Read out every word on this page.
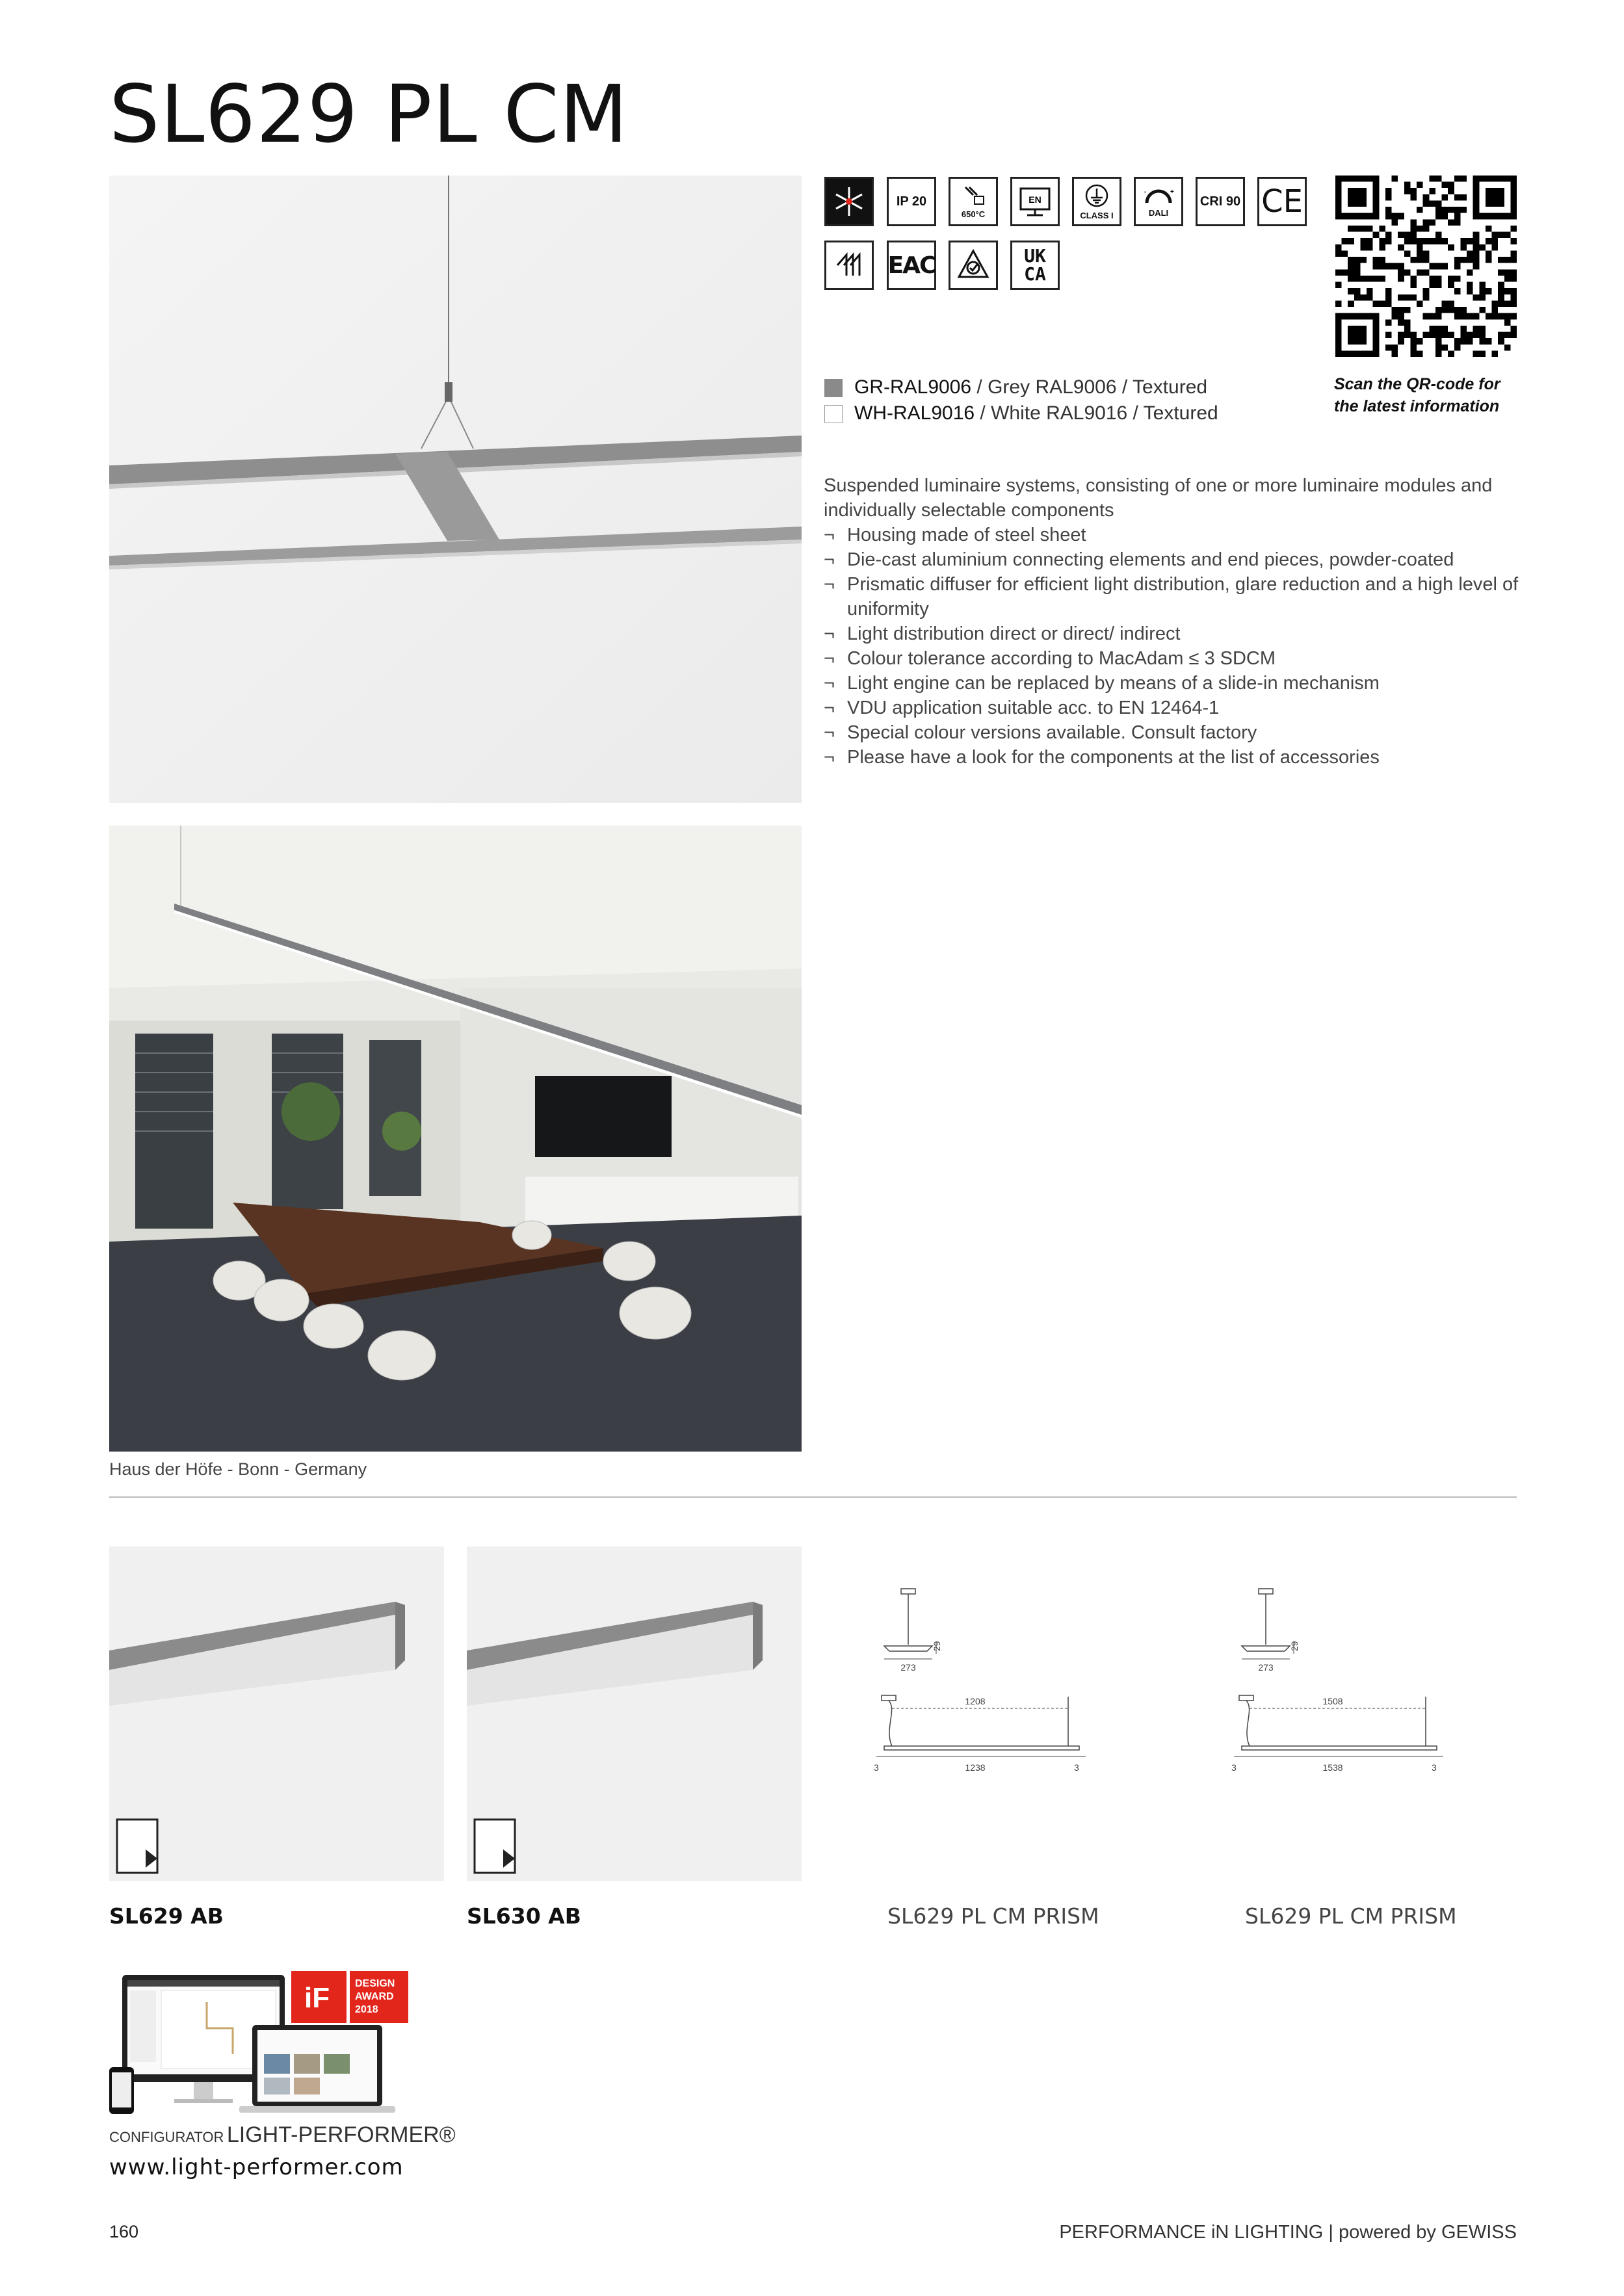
SL629 PL CM
IP 20
650°C
EN
CLASS I
-	+
DALI
CRI 90 CE
EAC	UK
CA
Scan the QR-code for
the latest information
GR-RAL9006 / Grey RAL9006 / Textured
WH-RAL9016 / White RAL9016 / Textured
Suspended luminaire systems, consisting of one or more luminaire modules and
individually selectable components
¬ Housing made of steel sheet
¬ Die-cast aluminium connecting elements and end pieces, powder-coated
¬ Prismatic diffuser for efficient light distribution, glare reduction and a high level of uniformity
¬ Light distribution direct or direct/ indirect
¬ Colour tolerance according to MacAdam ≤ 3 SDCM
¬ Light engine can be replaced by means of a slide-in mechanism
¬ VDU application suitable acc. to EN 12464-1
¬ Special colour versions available. Consult factory
¬ Please have a look for the components at the list of accessories
Haus der Höfe - Bonn - Germany
29
273
1208
1238
3	3
29
273
1508
1538
3	3
SL629 AB	SL630 AB	SL629 PL CM PRISM	SL629 PL CM PRISM
iF DESIGN
AWARD
2018
CONFIGURATOR LIGHT-PERFORMER®
www.light-performer.com
160	PERFORMANCE iN LIGHTING | powered by GEWISS
